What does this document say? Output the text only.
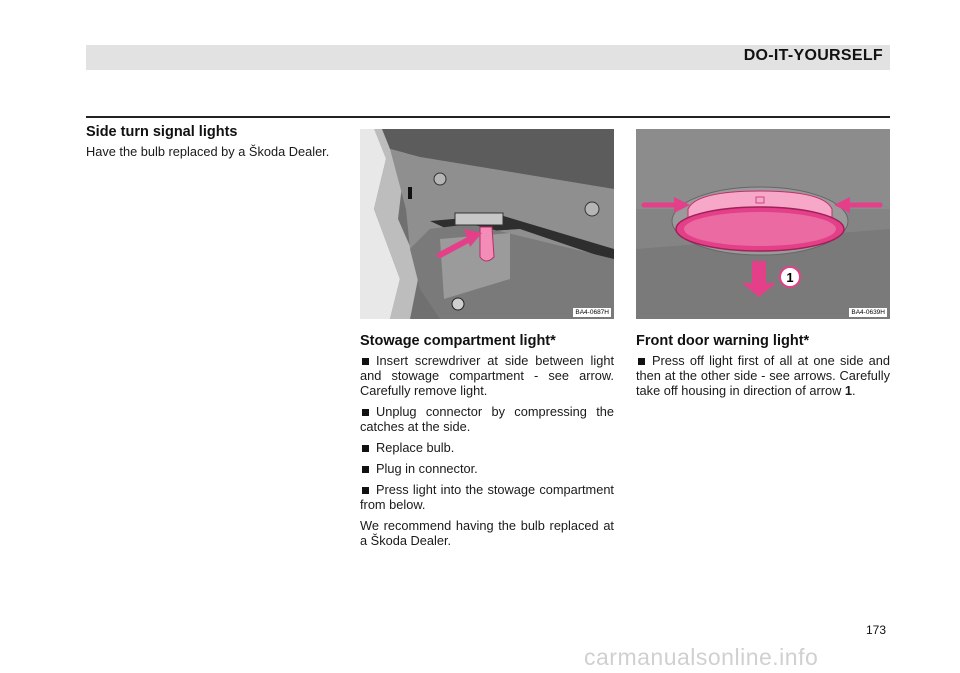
DO-IT-YOURSELF
Side turn signal lights

Have the bulb replaced by a Škoda Dealer.

BA4-0687H
Stowage compartment light*

Insert screwdriver at side between light and stowage compartment - see arrow. Carefully remove light.

Unplug connector by compressing the catches at the side.

Replace bulb.

Plug in connector.

Press light into the stowage compartment from below.

We recommend having the bulb replaced at a Škoda Dealer.

1
BA4-0639H
Front door warning light*

Press off light first of all at one side and then at the other side - see arrows. Carefully take off housing in direction of arrow 1.

173
carmanualsonline.info
